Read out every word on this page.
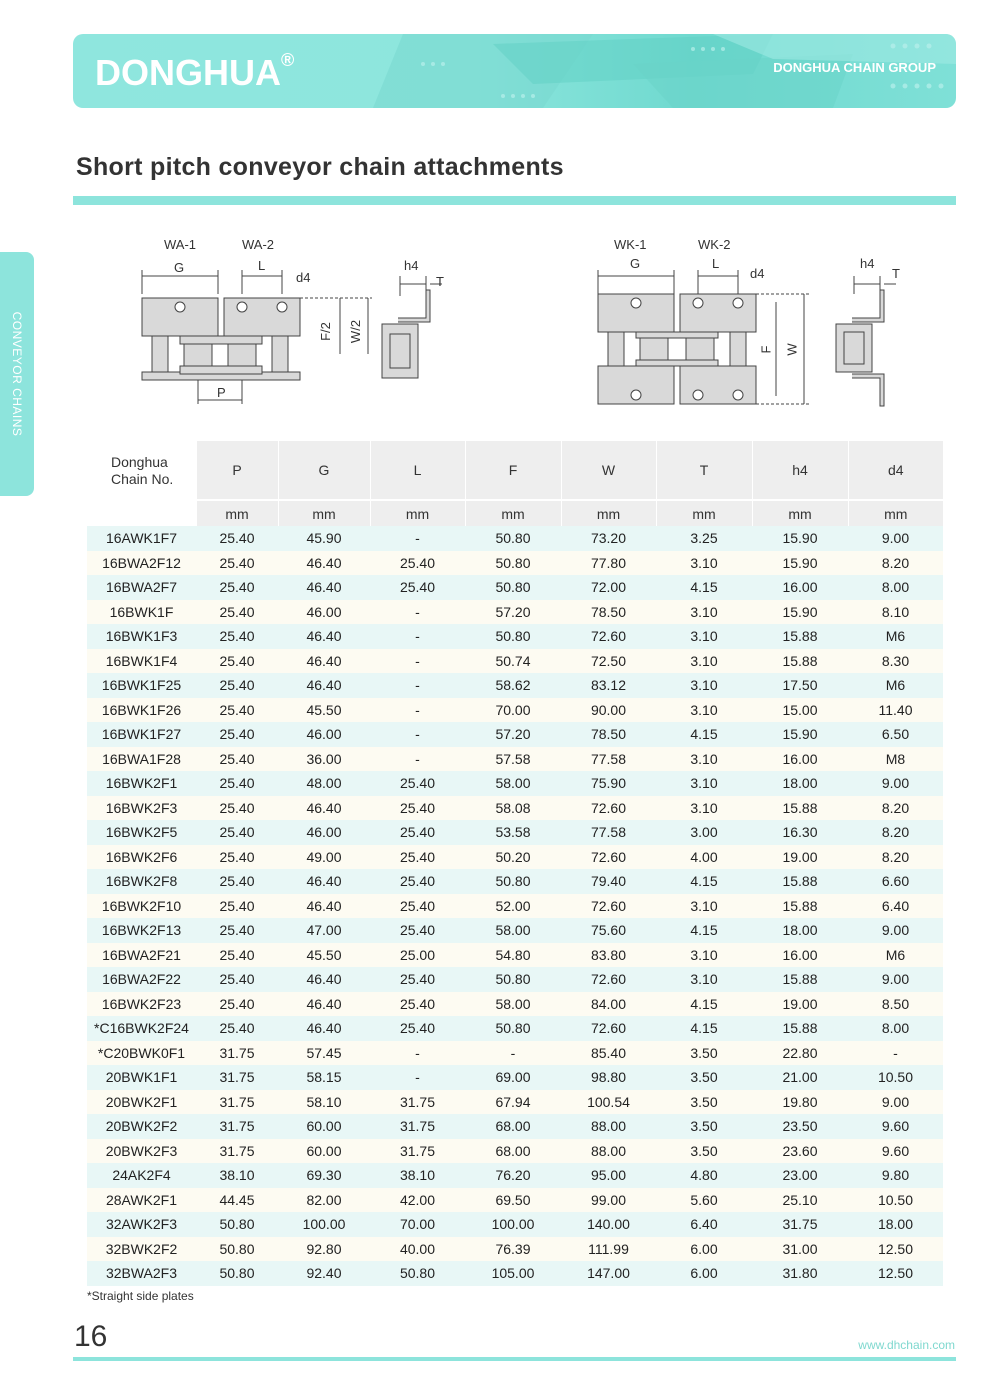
DONGHUA®	DONGHUA CHAIN GROUP
CONVEYOR CHAINS
Short pitch conveyor chain attachments
WA-1	WA-2
G	L
d4
P
F/2 W/2
h4
T
WK-1	WK-2
G	L
d4
F W
h4
T
Donghua
Chain No.	P	G	L	F	W	T	h4	d4
	mm	mm	mm	mm	mm	mm	mm	mm
16AWK1F7	25.40	45.90	-	50.80	73.20	3.25	15.90	9.00
16BWA2F12	25.40	46.40	25.40	50.80	77.80	3.10	15.90	8.20
16BWA2F7	25.40	46.40	25.40	50.80	72.00	4.15	16.00	8.00
16BWK1F	25.40	46.00	-	57.20	78.50	3.10	15.90	8.10
16BWK1F3	25.40	46.40	-	50.80	72.60	3.10	15.88	M6
16BWK1F4	25.40	46.40	-	50.74	72.50	3.10	15.88	8.30
16BWK1F25	25.40	46.40	-	58.62	83.12	3.10	17.50	M6
16BWK1F26	25.40	45.50	-	70.00	90.00	3.10	15.00	11.40
16BWK1F27	25.40	46.00	-	57.20	78.50	4.15	15.90	6.50
16BWA1F28	25.40	36.00	-	57.58	77.58	3.10	16.00	M8
16BWK2F1	25.40	48.00	25.40	58.00	75.90	3.10	18.00	9.00
16BWK2F3	25.40	46.40	25.40	58.08	72.60	3.10	15.88	8.20
16BWK2F5	25.40	46.00	25.40	53.58	77.58	3.00	16.30	8.20
16BWK2F6	25.40	49.00	25.40	50.20	72.60	4.00	19.00	8.20
16BWK2F8	25.40	46.40	25.40	50.80	79.40	4.15	15.88	6.60
16BWK2F10	25.40	46.40	25.40	52.00	72.60	3.10	15.88	6.40
16BWK2F13	25.40	47.00	25.40	58.00	75.60	4.15	18.00	9.00
16BWA2F21	25.40	45.50	25.00	54.80	83.80	3.10	16.00	M6
16BWA2F22	25.40	46.40	25.40	50.80	72.60	3.10	15.88	9.00
16BWK2F23	25.40	46.40	25.40	58.00	84.00	4.15	19.00	8.50
*C16BWK2F24	25.40	46.40	25.40	50.80	72.60	4.15	15.88	8.00
*C20BWK0F1	31.75	57.45	-	-	85.40	3.50	22.80	-
20BWK1F1	31.75	58.15	-	69.00	98.80	3.50	21.00	10.50
20BWK2F1	31.75	58.10	31.75	67.94	100.54	3.50	19.80	9.00
20BWK2F2	31.75	60.00	31.75	68.00	88.00	3.50	23.50	9.60
20BWK2F3	31.75	60.00	31.75	68.00	88.00	3.50	23.60	9.60
24AK2F4	38.10	69.30	38.10	76.20	95.00	4.80	23.00	9.80
28AWK2F1	44.45	82.00	42.00	69.50	99.00	5.60	25.10	10.50
32AWK2F3	50.80	100.00	70.00	100.00	140.00	6.40	31.75	18.00
32BWK2F2	50.80	92.80	40.00	76.39	111.99	6.00	31.00	12.50
32BWA2F3	50.80	92.40	50.80	105.00	147.00	6.00	31.80	12.50
*Straight side plates
16	www.dhchain.com
